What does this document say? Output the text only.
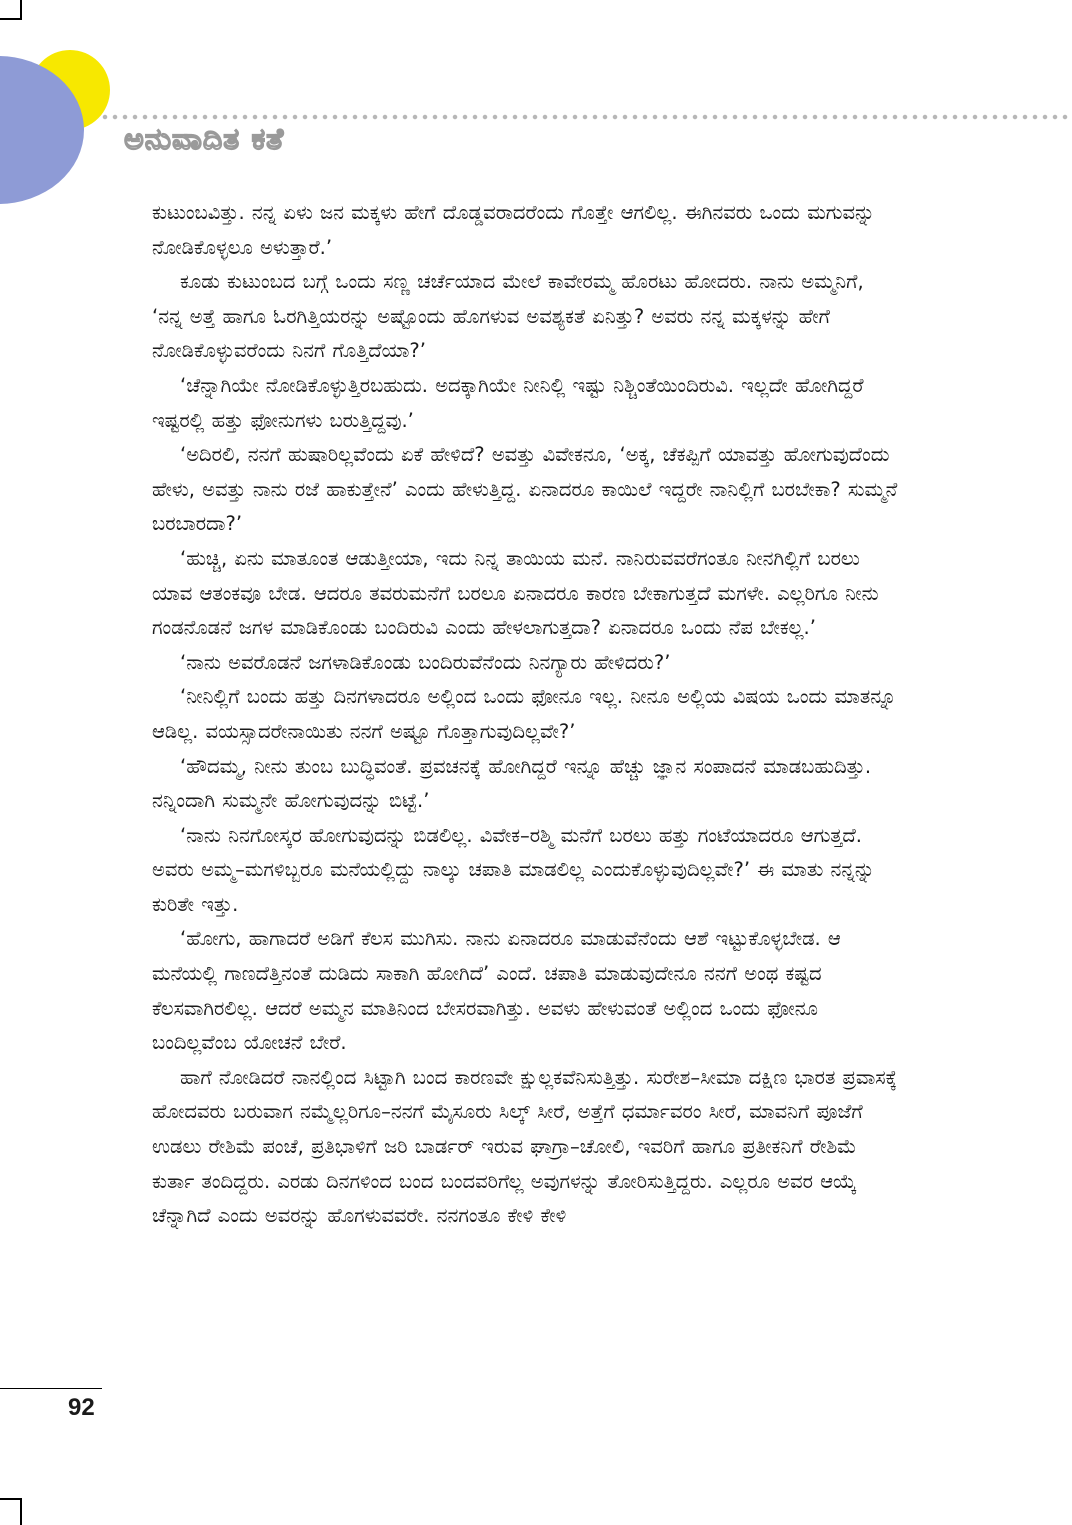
ಅನುವಾದಿತ ಕತೆ

ಕುಟುಂಬವಿತ್ತು. ನನ್ನ ಏಳು ಜನ ಮಕ್ಕಳು ಹೇಗೆ ದೊಡ್ಡವರಾದರೆಂದು ಗೊತ್ತೇ ಆಗಲಿಲ್ಲ. ಈಗಿನವರು ಒಂದು ಮಗುವನ್ನು ನೋಡಿಕೊಳ್ಳಲೂ ಅಳುತ್ತಾರೆ.’

ಕೂಡು ಕುಟುಂಬದ ಬಗ್ಗೆ ಒಂದು ಸಣ್ಣ ಚರ್ಚೆಯಾದ ಮೇಲೆ ಕಾವೇರಮ್ಮ ಹೊರಟು ಹೋದರು. ನಾನು ಅಮ್ಮನಿಗೆ, ‘ನನ್ನ ಅತ್ತೆ ಹಾಗೂ ಓರಗಿತ್ತಿಯರನ್ನು ಅಷ್ಟೊಂದು ಹೊಗಳುವ ಅವಶ್ಯಕತೆ ಏನಿತ್ತು? ಅವರು ನನ್ನ ಮಕ್ಕಳನ್ನು ಹೇಗೆ ನೋಡಿಕೊಳ್ಳುವರೆಂದು ನಿನಗೆ ಗೊತ್ತಿದೆಯಾ?’

‘ಚೆನ್ನಾಗಿಯೇ ನೋಡಿಕೊಳ್ಳುತ್ತಿರಬಹುದು. ಅದಕ್ಕಾಗಿಯೇ ನೀನಿಲ್ಲಿ ಇಷ್ಟು ನಿಶ್ಚಿಂತೆಯಿಂದಿರುವಿ. ಇಲ್ಲದೇ ಹೋಗಿದ್ದರೆ ಇಷ್ಟರಲ್ಲಿ ಹತ್ತು ಫೋನುಗಳು ಬರುತ್ತಿದ್ದವು.’

‘ಅದಿರಲಿ, ನನಗೆ ಹುಷಾರಿಲ್ಲವೆಂದು ಏಕೆ ಹೇಳಿದೆ? ಅವತ್ತು ವಿವೇಕನೂ, ‘ಅಕ್ಕ, ಚೆಕಪ್ಪಿಗೆ ಯಾವತ್ತು ಹೋಗುವುದೆಂದು ಹೇಳು, ಅವತ್ತು ನಾನು ರಜೆ ಹಾಕುತ್ತೇನೆ’ ಎಂದು ಹೇಳುತ್ತಿದ್ದ. ಏನಾದರೂ ಕಾಯಿಲೆ ಇದ್ದರೇ ನಾನಿಲ್ಲಿಗೆ ಬರಬೇಕಾ? ಸುಮ್ಮನೆ ಬರಬಾರದಾ?’

‘ಹುಚ್ಚಿ, ಏನು ಮಾತೂಂತ ಆಡುತ್ತೀಯಾ, ಇದು ನಿನ್ನ ತಾಯಿಯ ಮನೆ. ನಾನಿರುವವರೆಗಂತೂ ನೀನಗಿಲ್ಲಿಗೆ ಬರಲು ಯಾವ ಆತಂಕವೂ ಬೇಡ. ಆದರೂ ತವರುಮನೆಗೆ ಬರಲೂ ಏನಾದರೂ ಕಾರಣ ಬೇಕಾಗುತ್ತದೆ ಮಗಳೇ. ಎಲ್ಲರಿಗೂ ನೀನು ಗಂಡನೊಡನೆ ಜಗಳ ಮಾಡಿಕೊಂಡು ಬಂದಿರುವಿ ಎಂದು ಹೇಳಲಾಗುತ್ತದಾ? ಏನಾದರೂ ಒಂದು ನೆಪ ಬೇಕಲ್ಲ.’

‘ನಾನು ಅವರೊಡನೆ ಜಗಳಾಡಿಕೊಂಡು ಬಂದಿರುವೆನೆಂದು ನಿನಗ್ಯಾರು ಹೇಳಿದರು?’

‘ನೀನಿಲ್ಲಿಗೆ ಬಂದು ಹತ್ತು ದಿನಗಳಾದರೂ ಅಲ್ಲಿಂದ ಒಂದು ಫೋನೂ ಇಲ್ಲ. ನೀನೂ ಅಲ್ಲಿಯ ವಿಷಯ ಒಂದು ಮಾತನ್ನೂ ಆಡಿಲ್ಲ. ವಯಸ್ಸಾದರೇನಾಯಿತು ನನಗೆ ಅಷ್ಟೂ ಗೊತ್ತಾಗುವುದಿಲ್ಲವೇ?’

‘ಹೌದಮ್ಮ, ನೀನು ತುಂಬ ಬುದ್ಧಿವಂತೆ. ಪ್ರವಚನಕ್ಕೆ ಹೋಗಿದ್ದರೆ ಇನ್ನೂ ಹೆಚ್ಚು ಜ್ಞಾನ ಸಂಪಾದನೆ ಮಾಡಬಹುದಿತ್ತು. ನನ್ನಿಂದಾಗಿ ಸುಮ್ಮನೇ ಹೋಗುವುದನ್ನು ಬಿಟ್ಟೆ.’

‘ನಾನು ನಿನಗೋಸ್ಕರ ಹೋಗುವುದನ್ನು ಬಿಡಲಿಲ್ಲ. ವಿವೇಕ–ರಶ್ಮಿ ಮನೆಗೆ ಬರಲು ಹತ್ತು ಗಂಟೆಯಾದರೂ ಆಗುತ್ತದೆ. ಅವರು ಅಮ್ಮ–ಮಗಳಿಬ್ಬರೂ ಮನೆಯಲ್ಲಿದ್ದು ನಾಲ್ಕು ಚಪಾತಿ ಮಾಡಲಿಲ್ಲ ಎಂದುಕೊಳ್ಳುವುದಿಲ್ಲವೇ?’ ಈ ಮಾತು ನನ್ನನ್ನು ಕುರಿತೇ ಇತ್ತು.

‘ಹೋಗು, ಹಾಗಾದರೆ ಅಡಿಗೆ ಕೆಲಸ ಮುಗಿಸು. ನಾನು ಏನಾದರೂ ಮಾಡುವೆನೆಂದು ಆಶೆ ಇಟ್ಟುಕೊಳ್ಳಬೇಡ. ಆ ಮನೆಯಲ್ಲಿ ಗಾಣದೆತ್ತಿನಂತೆ ದುಡಿದು ಸಾಕಾಗಿ ಹೋಗಿದೆ’ ಎಂದೆ. ಚಪಾತಿ ಮಾಡುವುದೇನೂ ನನಗೆ ಅಂಥ ಕಷ್ಟದ ಕೆಲಸವಾಗಿರಲಿಲ್ಲ. ಆದರೆ ಅಮ್ಮನ ಮಾತಿನಿಂದ ಬೇಸರವಾಗಿತ್ತು. ಅವಳು ಹೇಳುವಂತೆ ಅಲ್ಲಿಂದ ಒಂದು ಫೋನೂ ಬಂದಿಲ್ಲವೆಂಬ ಯೋಚನೆ ಬೇರೆ.

ಹಾಗೆ ನೋಡಿದರೆ ನಾನಲ್ಲಿಂದ ಸಿಟ್ಟಾಗಿ ಬಂದ ಕಾರಣವೇ ಕ್ಷುಲ್ಲಕವೆನಿಸುತ್ತಿತ್ತು. ಸುರೇಶ–ಸೀಮಾ ದಕ್ಷಿಣ ಭಾರತ ಪ್ರವಾಸಕ್ಕೆ ಹೋದವರು ಬರುವಾಗ ನಮ್ಮೆಲ್ಲರಿಗೂ–ನನಗೆ ಮೈಸೂರು ಸಿಲ್ಕ್ ಸೀರೆ, ಅತ್ತೆಗೆ ಧರ್ಮಾವರಂ ಸೀರೆ, ಮಾವನಿಗೆ ಪೂಜೆಗೆ ಉಡಲು ರೇಶಿಮೆ ಪಂಚೆ, ಪ್ರತಿಭಾಳಿಗೆ ಜರಿ ಬಾರ್ಡರ್ ಇರುವ ಘಾಗ್ರಾ–ಚೋಲಿ, ಇವರಿಗೆ ಹಾಗೂ ಪ್ರತೀಕನಿಗೆ ರೇಶಿಮೆ ಕುರ್ತಾ ತಂದಿದ್ದರು. ಎರಡು ದಿನಗಳಿಂದ ಬಂದ ಬಂದವರಿಗೆಲ್ಲ ಅವುಗಳನ್ನು ತೋರಿಸುತ್ತಿದ್ದರು. ಎಲ್ಲರೂ ಅವರ ಆಯ್ಕೆ ಚೆನ್ನಾಗಿದೆ ಎಂದು ಅವರನ್ನು ಹೊಗಳುವವರೇ. ನನಗಂತೂ ಕೇಳಿ ಕೇಳಿ

92
